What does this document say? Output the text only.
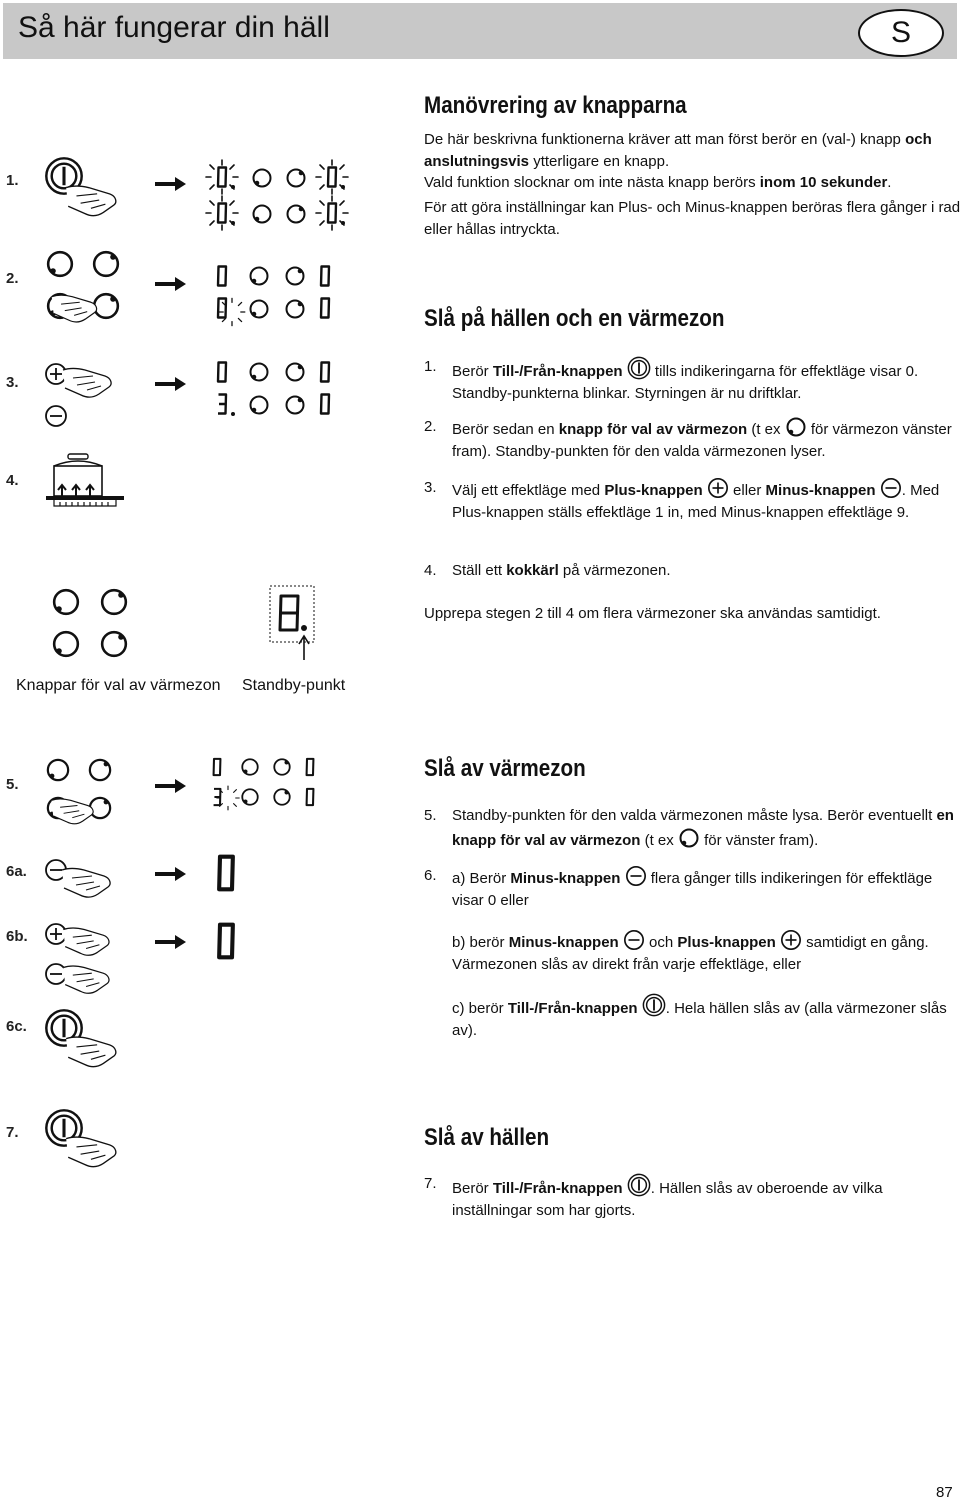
Så här fungerar din häll	S
1.
2.
3.
4.
5.
6a.
6b.
6c.
7.
Knappar för val av värmezon Standby-punkt
Manövrering av knapparna
De här beskrivna funktionerna kräver att man först berör en (val-) knapp och anslutningsvis ytterligare en knapp.
Vald funktion slocknar om inte nästa knapp berörs inom 10 sekunder.
För att göra inställningar kan Plus- och Minus-knappen beröras flera gånger i rad eller hållas intryckta.
Slå på hällen och en värmezon
1.	Berör Till-/Från-knappen  tills indikeringarna för effektläge visar 0. Standby-punkterna blinkar. Styrningen är nu driftklar.
2.	Berör sedan en knapp för val av värmezon (t ex  för värmezon vänster fram). Standby-punkten för den valda värmezonen lyser.
3.	Välj ett effektläge med Plus-knappen  eller Minus-knappen . Med Plus-knappen ställs effektläge 1 in, med Minus-knappen effektläge 9.
4.	Ställ ett kokkärl på värmezonen.
Upprepa stegen 2 till 4 om flera värmezoner ska användas samtidigt.
Slå av värmezon
5.	Standby-punkten för den valda värmezonen måste lysa. Berör eventuellt en knapp för val av värmezon (t ex  för vänster fram).
6.	a) Berör Minus-knappen  flera gånger tills indikeringen för effektläge visar 0 eller
b) berör Minus-knappen  och Plus-knappen  samtidigt en gång. Värmezonen slås av direkt från varje effektläge, eller
c) berör Till-/Från-knappen . Hela hällen slås av (alla värmezoner slås av).
Slå av hällen
7.	Berör Till-/Från-knappen . Hällen slås av oberoende av vilka inställningar som har gjorts.
87
